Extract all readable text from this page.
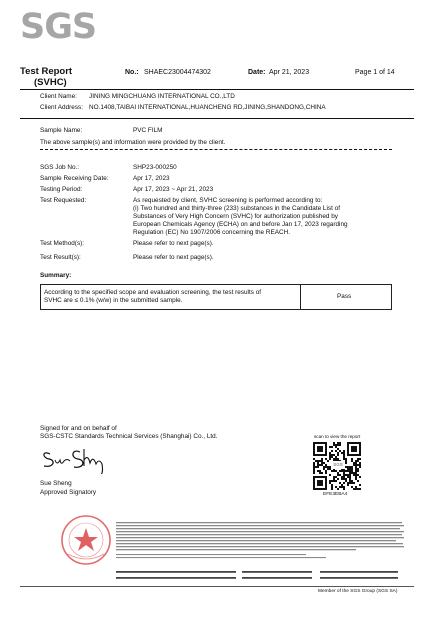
SGS
Test Report
(SVHC)
No.: SHAEC23004474302	Date: Apr 21, 2023	Page 1 of 14
Client Name: JINING MINGCHUANG INTERNATIONAL CO.,LTD
Client Address: NO.1408,TAIBAI INTERNATIONAL,HUANCHENG RD,JINING,SHANDONG,CHINA
Sample Name:	PVC FILM
The above sample(s) and information were provided by the client.
SGS Job No.:	SHP23-000250
Sample Receiving Date:	Apr 17, 2023
Testing Period:	Apr 17, 2023 ~ Apr 21, 2023
Test Requested:	As requested by client, SVHC screening is performed according to:
(i) Two hundred and thirty-three (233) substances in the Candidate List of
Substances of Very High Concern (SVHC) for authorization published by
European Chemicals Agency (ECHA) on and before Jan 17, 2023 regarding
Regulation (EC) No 1907/2006 concerning the REACH.
Test Method(s):	Please refer to next page(s).
Test Result(s):	Please refer to next page(s).
Summary:
According to the specified scope and evaluation screening, the test results of
SVHC are ≤ 0.1% (w/w) in the submitted sample.
Pass
Signed for and on behalf of
SGS-CSTC Standards Technical Services (Shanghai) Co., Ltd.
Sue Sheng
Approved Signatory
scan to view the report
SGS
EFE3EBA4
Member of the SGS Group (SGS SA)
